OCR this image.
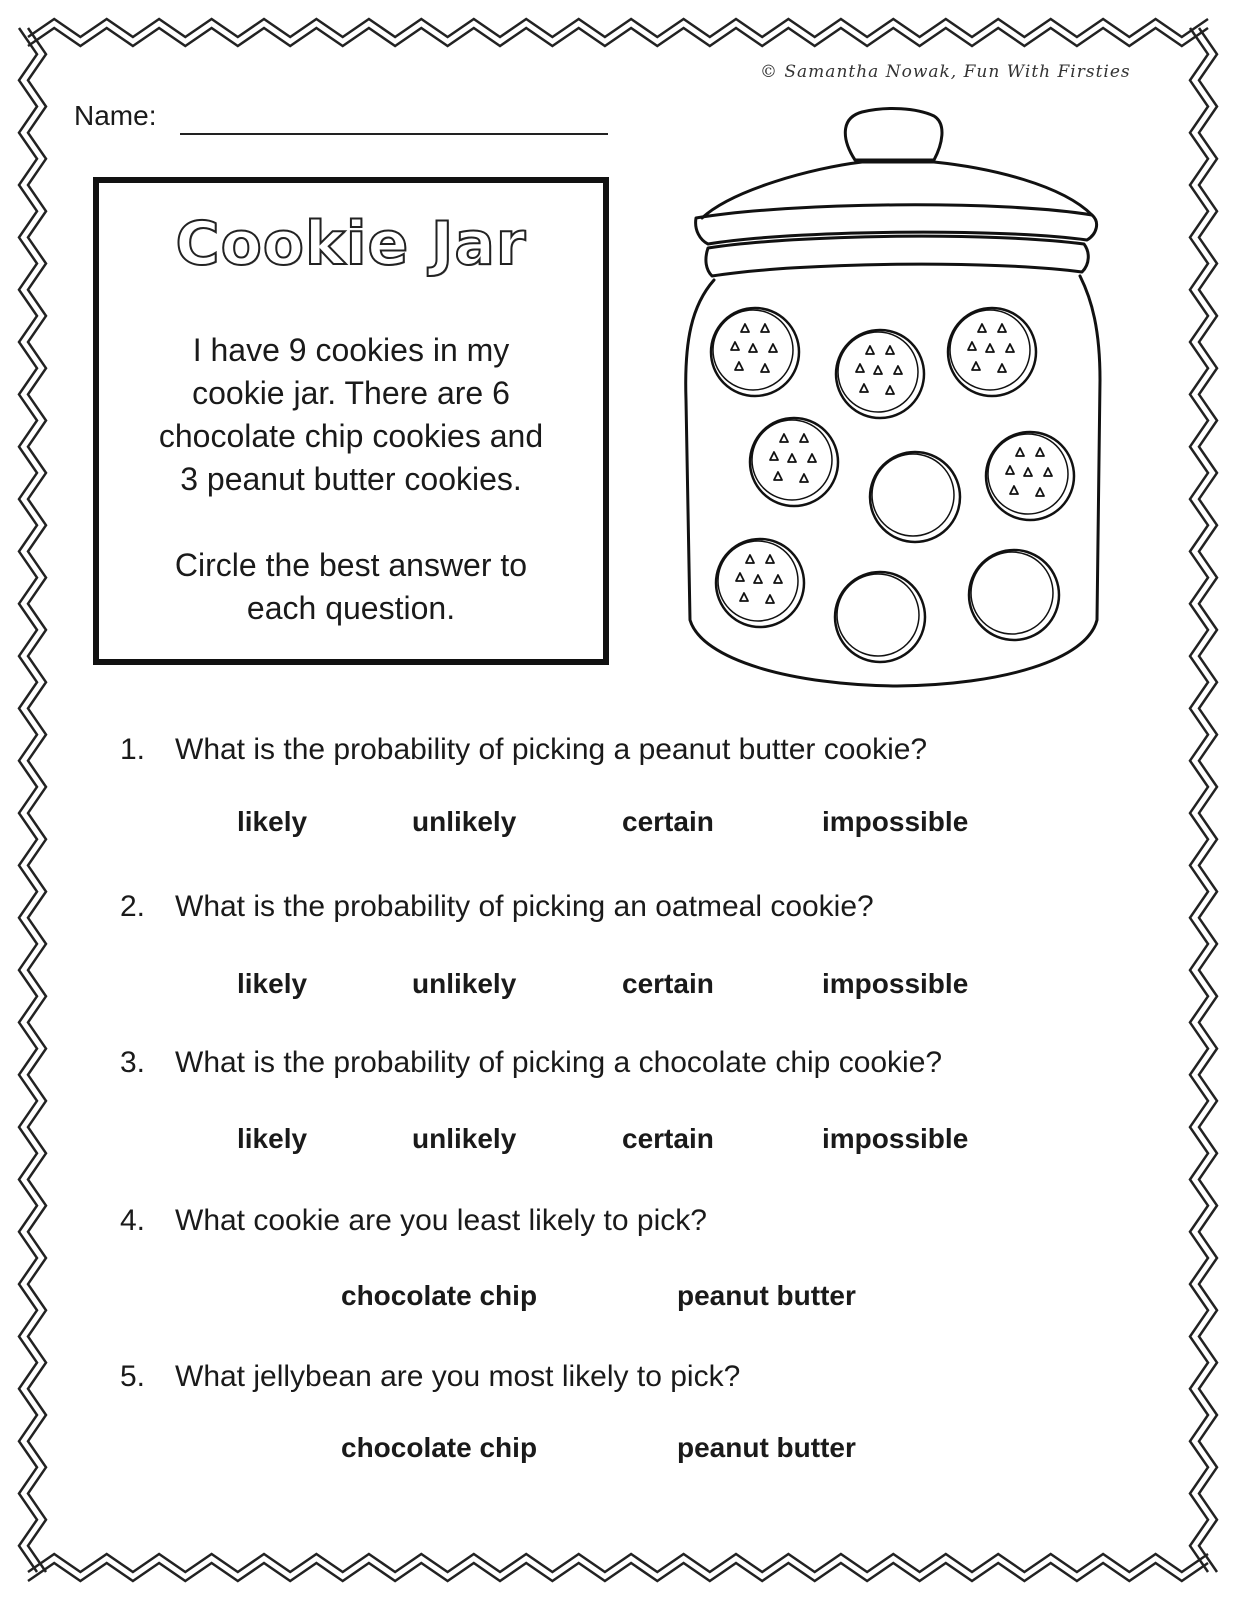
© Samantha Nowak, Fun With Firsties
Name:
Cookie Jar

I have 9 cookies in my

cookie jar. There are 6

chocolate chip cookies and

3 peanut butter cookies.

Circle the best answer to

each question.

1. What is the probability of picking a peanut butter cookie?
likely	unlikely	certain	impossible
2. What is the probability of picking an oatmeal cookie?
likely	unlikely	certain	impossible
3. What is the probability of picking a chocolate chip cookie?
likely	unlikely	certain	impossible
4. What cookie are you least likely to pick?
chocolate chip	peanut butter
5. What jellybean are you most likely to pick?
chocolate chip	peanut butter
